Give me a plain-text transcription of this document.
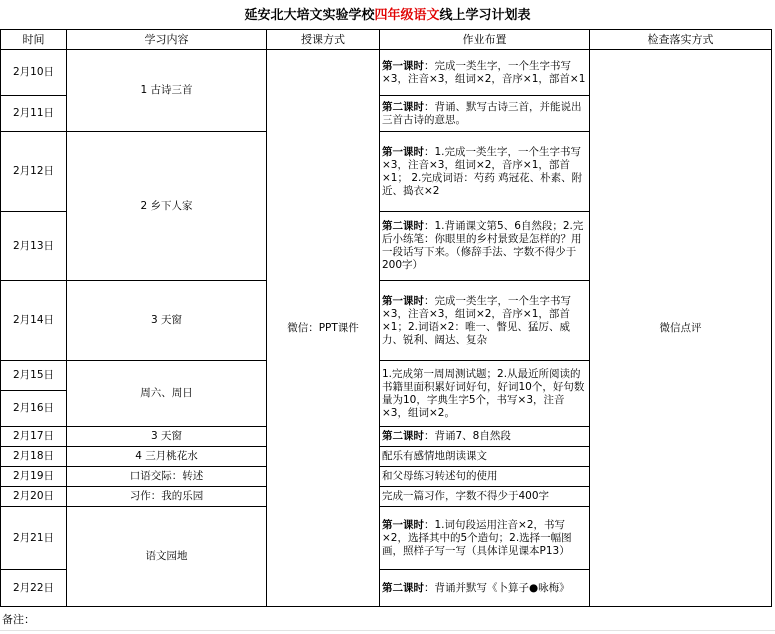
延安北大培文实验学校四年级语文线上学习计划表
时间	学习内容	授课方式	作业布置	检查落实方式
2月10日	1 古诗三首	微信：PPT课件	第一课时：完成一类生字，一个生字书写×3，注音×3，组词×2，音序×1，部首×1	微信点评
2月11日			第二课时：背诵、默写古诗三首，并能说出三首古诗的意思。	
2月12日	2 乡下人家		第一课时：1.完成一类生字，一个生字书写×3，注音×3，组词×2，音序×1，部首×1； 2.完成词语：芍药 鸡冠花、朴素、附近、捣衣×2	
2月13日			第二课时：1.背诵课文第5、6自然段；2.完后小练笔：你眼里的乡村景致是怎样的？用一段话写下来。（修辞手法、字数不得少于200字）	
2月14日	3 天窗		第一课时：完成一类生字，一个生字书写×3，注音×3，组词×2，音序×1，部首×1；2.词语×2：唯一、瞥见、猛厉、威力、锐利、阔达、复杂	
2月15日	周六、周日		1.完成第一周周测试题；2.从最近所阅读的书籍里面积累好词好句，好词10个，好句数量为10，字典生字5个，书写×3，注音×3，组词×2。	
2月16日				
2月17日	3 天窗		第二课时：背诵7、8自然段	
2月18日	4 三月桃花水		配乐有感情地朗读课文	
2月19日	口语交际：转述		和父母练习转述句的使用	
2月20日	习作：我的乐园		完成一篇习作，字数不得少于400字	
2月21日	语文园地		第一课时：1.词句段运用注音×2，书写×2，选择其中的5个造句；2.选择一幅图画，照样子写一写（具体详见课本P13）	
2月22日			第二课时：背诵并默写《卜算子●咏梅》	
备注：
